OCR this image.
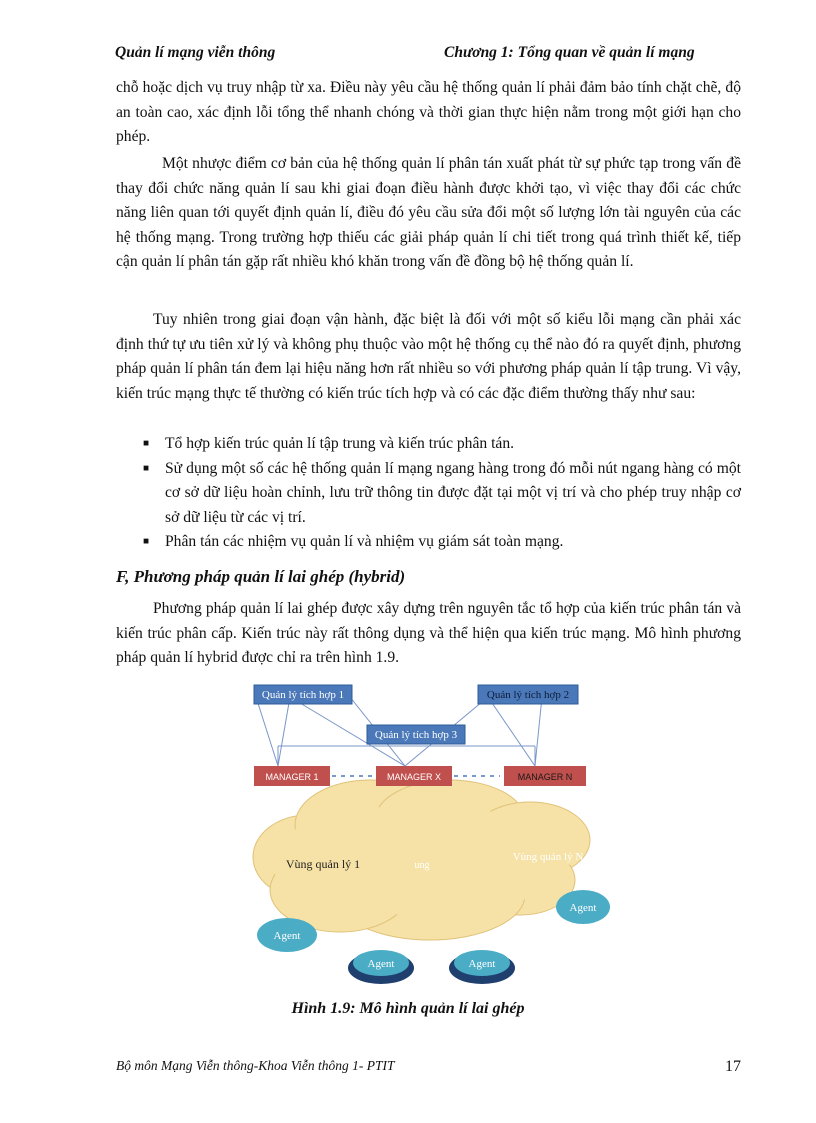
Quản lí mạng viễn thông	Chương 1: Tổng quan về quản lí mạng

chỗ hoặc dịch vụ truy nhập từ xa. Điều này yêu cầu hệ thống quản lí phải đảm bảo tính chặt chẽ, độ an toàn cao, xác định lỗi tổng thể nhanh chóng và thời gian thực hiện nằm trong một giới hạn cho phép.

Một nhược điểm cơ bản của hệ thống quản lí phân tán xuất phát từ sự phức tạp trong vấn đề thay đổi chức năng quản lí sau khi giai đoạn điều hành được khởi tạo, vì việc thay đổi các chức năng liên quan tới quyết định quản lí, điều đó yêu cầu sửa đổi một số lượng lớn tài nguyên của các hệ thống mạng. Trong trường hợp thiếu các giải pháp quản lí chi tiết trong quá trình thiết kế, tiếp cận quản lí phân tán gặp rất nhiều khó khăn trong vấn đề đồng bộ hệ thống quản lí.

Tuy nhiên trong giai đoạn vận hành, đặc biệt là đối với một số kiểu lỗi mạng cần phải xác định thứ tự ưu tiên xử lý và không phụ thuộc vào một hệ thống cụ thể nào đó ra quyết định, phương pháp quản lí phân tán đem lại hiệu năng hơn rất nhiều so với phương pháp quản lí tập trung. Vì vậy, kiến trúc mạng thực tế thường có kiến trúc tích hợp và có các đặc điểm thường thấy như sau:

■ Tổ hợp kiến trúc quản lí tập trung và kiến trúc phân tán.
■ Sử dụng một số các hệ thống quản lí mạng ngang hàng trong đó mỗi nút ngang hàng có một cơ sở dữ liệu hoàn chỉnh, lưu trữ thông tin được đặt tại một vị trí và cho phép truy nhập cơ sở dữ liệu từ các vị trí.
■ Phân tán các nhiệm vụ quản lí và nhiệm vụ giám sát toàn mạng.
F, Phương pháp quản lí lai ghép (hybrid)

Phương pháp quản lí lai ghép được xây dựng trên nguyên tắc tổ hợp của kiến trúc phân tán và kiến trúc phân cấp. Kiến trúc này rất thông dụng và thể hiện qua kiến trúc mạng. Mô hình phương pháp quản lí hybrid được chỉ ra trên hình 1.9.

Quản lý tích hợp 1	Quản lý tích hợp 2
Quản lý tích hợp 3
MANAGER 1	MANAGER X	MANAGER N
Vùng quản lý 1	ung
Vùng quản lý N
Agent
Agent	Agent
Agent

Hình 1.9: Mô hình quản lí lai ghép

Bộ môn Mạng Viễn thông-Khoa Viễn thông 1- PTIT	17
